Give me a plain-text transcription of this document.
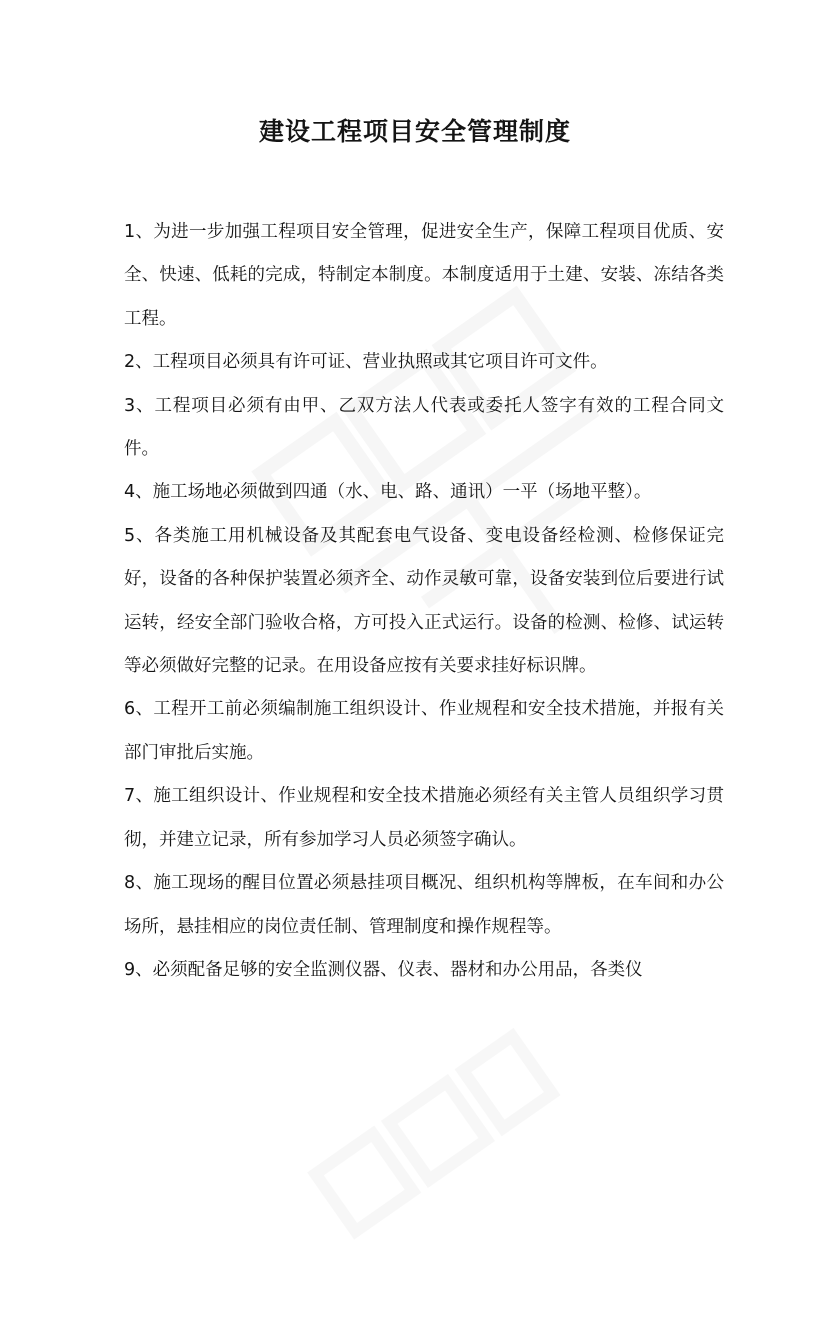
建设工程项目安全管理制度

1、为进一步加强工程项目安全管理，促进安全生产，保障工程项目优质、安全、快速、低耗的完成，特制定本制度。本制度适用于土建、安装、冻结各类工程。

2、工程项目必须具有许可证、营业执照或其它项目许可文件。

3、工程项目必须有由甲、乙双方法人代表或委托人签字有效的工程合同文件。

4、施工场地必须做到四通（水、电、路、通讯）一平（场地平整）。

5、各类施工用机械设备及其配套电气设备、变电设备经检测、检修保证完好，设备的各种保护装置必须齐全、动作灵敏可靠，设备安装到位后要进行试运转，经安全部门验收合格，方可投入正式运行。设备的检测、检修、试运转等必须做好完整的记录。在用设备应按有关要求挂好标识牌。

6、工程开工前必须编制施工组织设计、作业规程和安全技术措施，并报有关部门审批后实施。

7、施工组织设计、作业规程和安全技术措施必须经有关主管人员组织学习贯彻，并建立记录，所有参加学习人员必须签字确认。

8、施工现场的醒目位置必须悬挂项目概况、组织机构等牌板，在车间和办公场所，悬挂相应的岗位责任制、管理制度和操作规程等。

9、必须配备足够的安全监测仪器、仪表、器材和办公用品，各类仪
